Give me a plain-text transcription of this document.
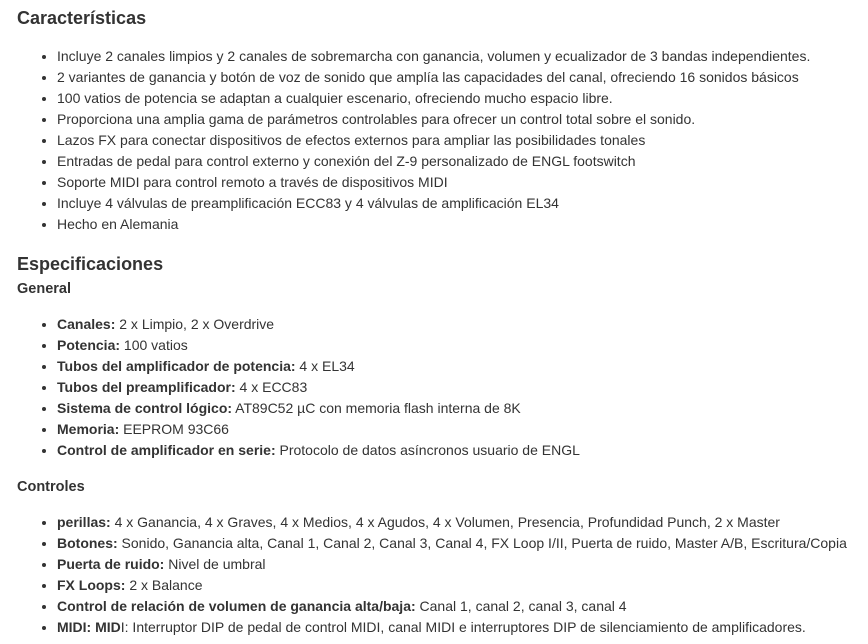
Características
• Incluye 2 canales limpios y 2 canales de sobremarcha con ganancia, volumen y ecualizador de 3 bandas independientes.
• 2 variantes de ganancia y botón de voz de sonido que amplía las capacidades del canal, ofreciendo 16 sonidos básicos
• 100 vatios de potencia se adaptan a cualquier escenario, ofreciendo mucho espacio libre.
• Proporciona una amplia gama de parámetros controlables para ofrecer un control total sobre el sonido.
• Lazos FX para conectar dispositivos de efectos externos para ampliar las posibilidades tonales
• Entradas de pedal para control externo y conexión del Z-9 personalizado de ENGL footswitch
• Soporte MIDI para control remoto a través de dispositivos MIDI
• Incluye 4 válvulas de preamplificación ECC83 y 4 válvulas de amplificación EL34
• Hecho en Alemania
Especificaciones
General
• Canales: 2 x Limpio, 2 x Overdrive
• Potencia: 100 vatios
• Tubos del amplificador de potencia: 4 x EL34
• Tubos del preamplificador: 4 x ECC83
• Sistema de control lógico: AT89C52 µC con memoria flash interna de 8K
• Memoria: EEPROM 93C66
• Control de amplificador en serie: Protocolo de datos asíncronos usuario de ENGL
Controles
• perillas: 4 x Ganancia, 4 x Graves, 4 x Medios, 4 x Agudos, 4 x Volumen, Presencia, Profundidad Punch, 2 x Master
• Botones: Sonido, Ganancia alta, Canal 1, Canal 2, Canal 3, Canal 4, FX Loop I/II, Puerta de ruido, Master A/B, Escritura/Copia
• Puerta de ruido: Nivel de umbral
• FX Loops: 2 x Balance
• Control de relación de volumen de ganancia alta/baja: Canal 1, canal 2, canal 3, canal 4
• MIDI: MIDI: Interruptor DIP de pedal de control MIDI, canal MIDI e interruptores DIP de silenciamiento de amplificadores.
